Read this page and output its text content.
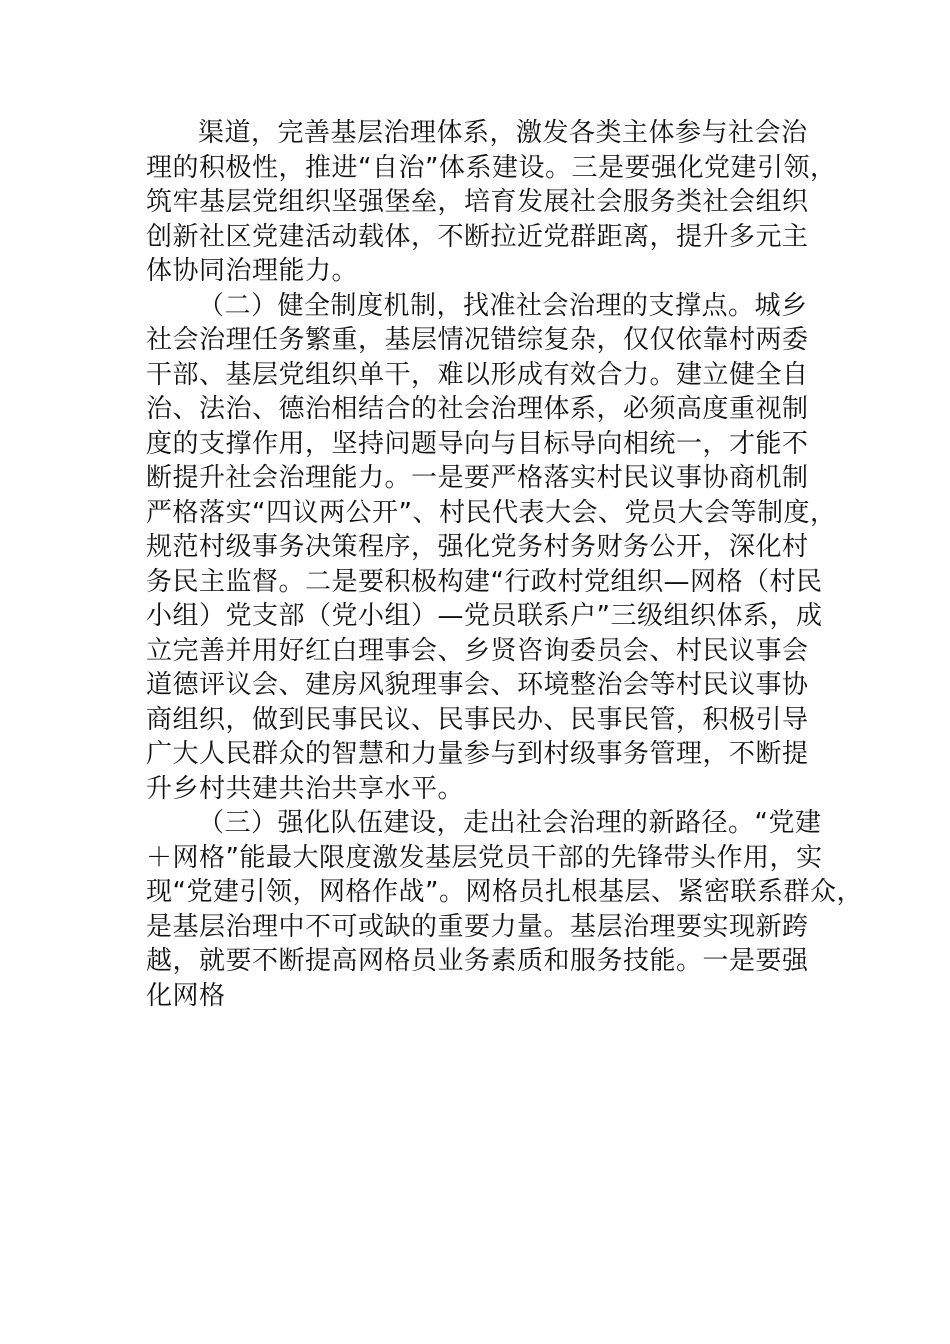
渠道，完善基层治理体系，激发各类主体参与社会治
理的积极性，推进“自治”体系建设。三是要强化党建引领，
筑牢基层党组织坚强堡垒，培育发展社会服务类社会组织
创新社区党建活动载体，不断拉近党群距离，提升多元主
体协同治理能力。
（二）健全制度机制，找准社会治理的支撑点。城乡
社会治理任务繁重，基层情况错综复杂，仅仅依靠村两委
干部、基层党组织单干，难以形成有效合力。建立健全自
治、法治、德治相结合的社会治理体系，必须高度重视制
度的支撑作用，坚持问题导向与目标导向相统一，才能不
断提升社会治理能力。一是要严格落实村民议事协商机制
严格落实“四议两公开”、村民代表大会、党员大会等制度，
规范村级事务决策程序，强化党务村务财务公开，深化村
务民主监督。二是要积极构建“行政村党组织—网格（村民
小组）党支部（党小组）—党员联系户”三级组织体系，成
立完善并用好红白理事会、乡贤咨询委员会、村民议事会
道德评议会、建房风貌理事会、环境整治会等村民议事协
商组织，做到民事民议、民事民办、民事民管，积极引导
广大人民群众的智慧和力量参与到村级事务管理，不断提
升乡村共建共治共享水平。
（三）强化队伍建设，走出社会治理的新路径。“党建
＋网格”能最大限度激发基层党员干部的先锋带头作用，实
现“党建引领，网格作战”。网格员扎根基层、紧密联系群众，
是基层治理中不可或缺的重要力量。基层治理要实现新跨
越，就要不断提高网格员业务素质和服务技能。一是要强
化网格
